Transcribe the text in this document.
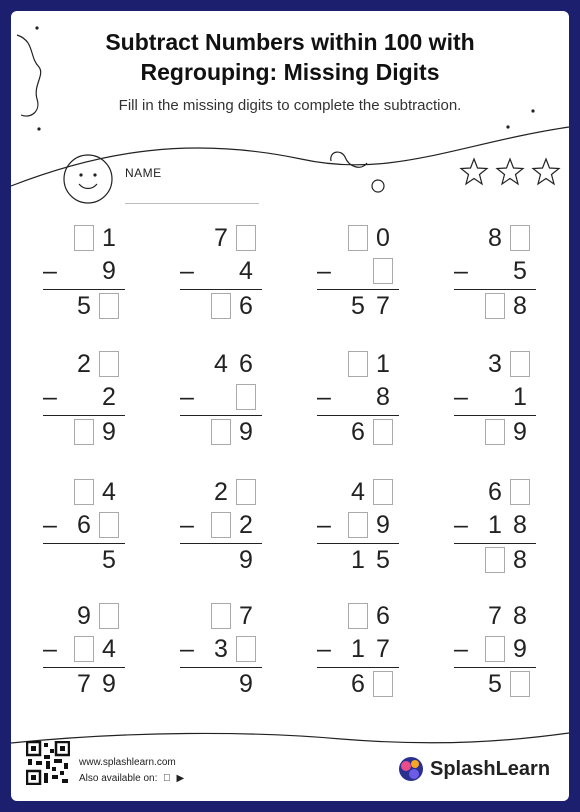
Subtract Numbers within 100 with
Regrouping: Missing Digits
Fill in the missing digits to complete the subtraction.
NAME
1
9
5
–
7
4
6
–
0
5 7
–
8
5
8
–
2
2
9
–
4 6
9
–
1
8
6
–
3
1
9
–
4
6
5
–
2
2
9
–
4
9
1 5
–
6
1 8
8
–
9
4
7 9
–
7
3
9
–
6
1 7
6
–
7 8
9
5
–
www.splashlearn.com
Also available on: ▶	SplashLearn
